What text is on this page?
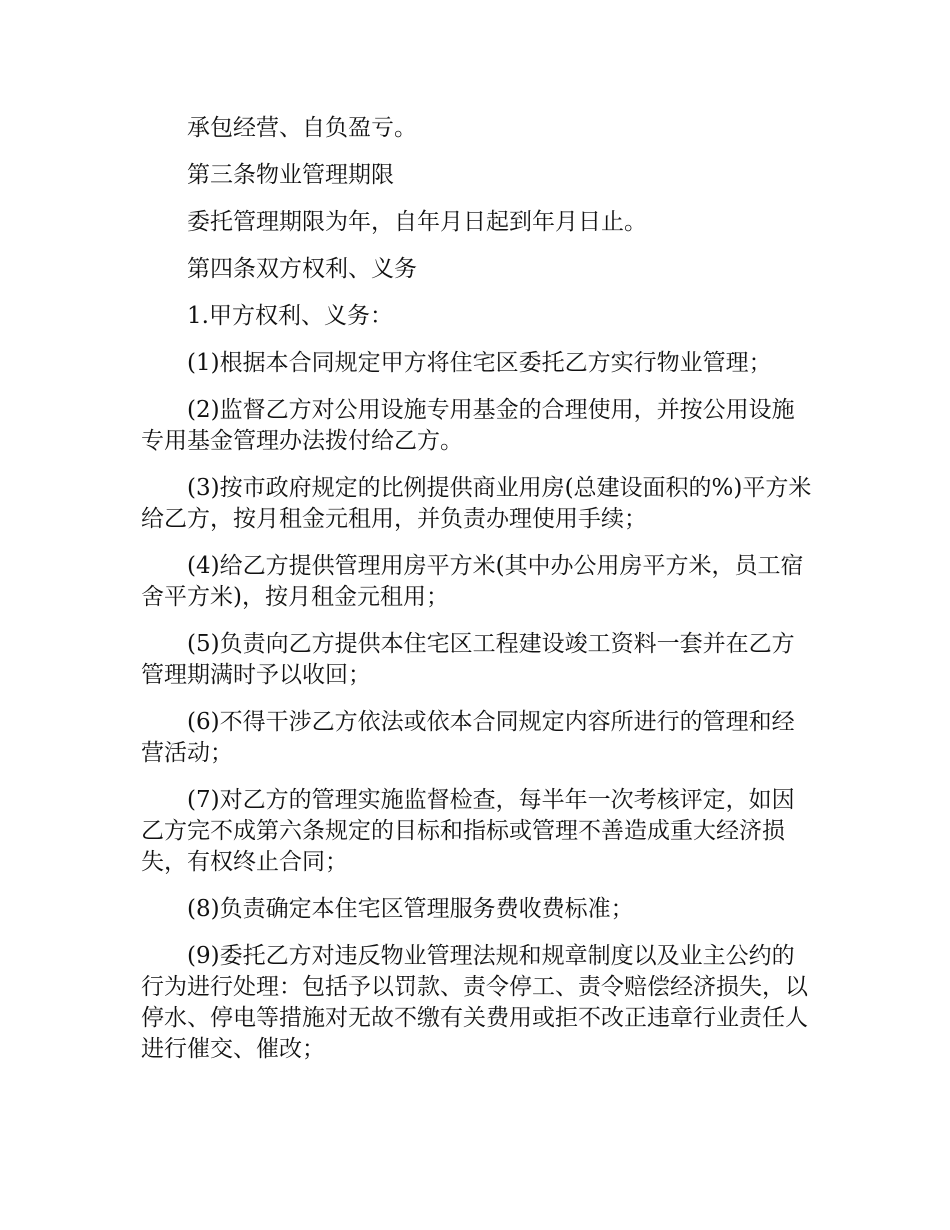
承包经营、自负盈亏。

第三条物业管理期限

委托管理期限为年，自年月日起到年月日止。

第四条双方权利、义务

1.甲方权利、义务：

(1)根据本合同规定甲方将住宅区委托乙方实行物业管理；

(2)监督乙方对公用设施专用基金的合理使用，并按公用设施专用基金管理办法拨付给乙方。

(3)按市政府规定的比例提供商业用房(总建设面积的%)平方米给乙方，按月租金元租用，并负责办理使用手续；

(4)给乙方提供管理用房平方米(其中办公用房平方米，员工宿舍平方米)，按月租金元租用；

(5)负责向乙方提供本住宅区工程建设竣工资料一套并在乙方管理期满时予以收回；

(6)不得干涉乙方依法或依本合同规定内容所进行的管理和经营活动；

(7)对乙方的管理实施监督检查，每半年一次考核评定，如因乙方完不成第六条规定的目标和指标或管理不善造成重大经济损失，有权终止合同；

(8)负责确定本住宅区管理服务费收费标准；

(9)委托乙方对违反物业管理法规和规章制度以及业主公约的行为进行处理：包括予以罚款、责令停工、责令赔偿经济损失，以停水、停电等措施对无故不缴有关费用或拒不改正违章行业责任人进行催交、催改；
